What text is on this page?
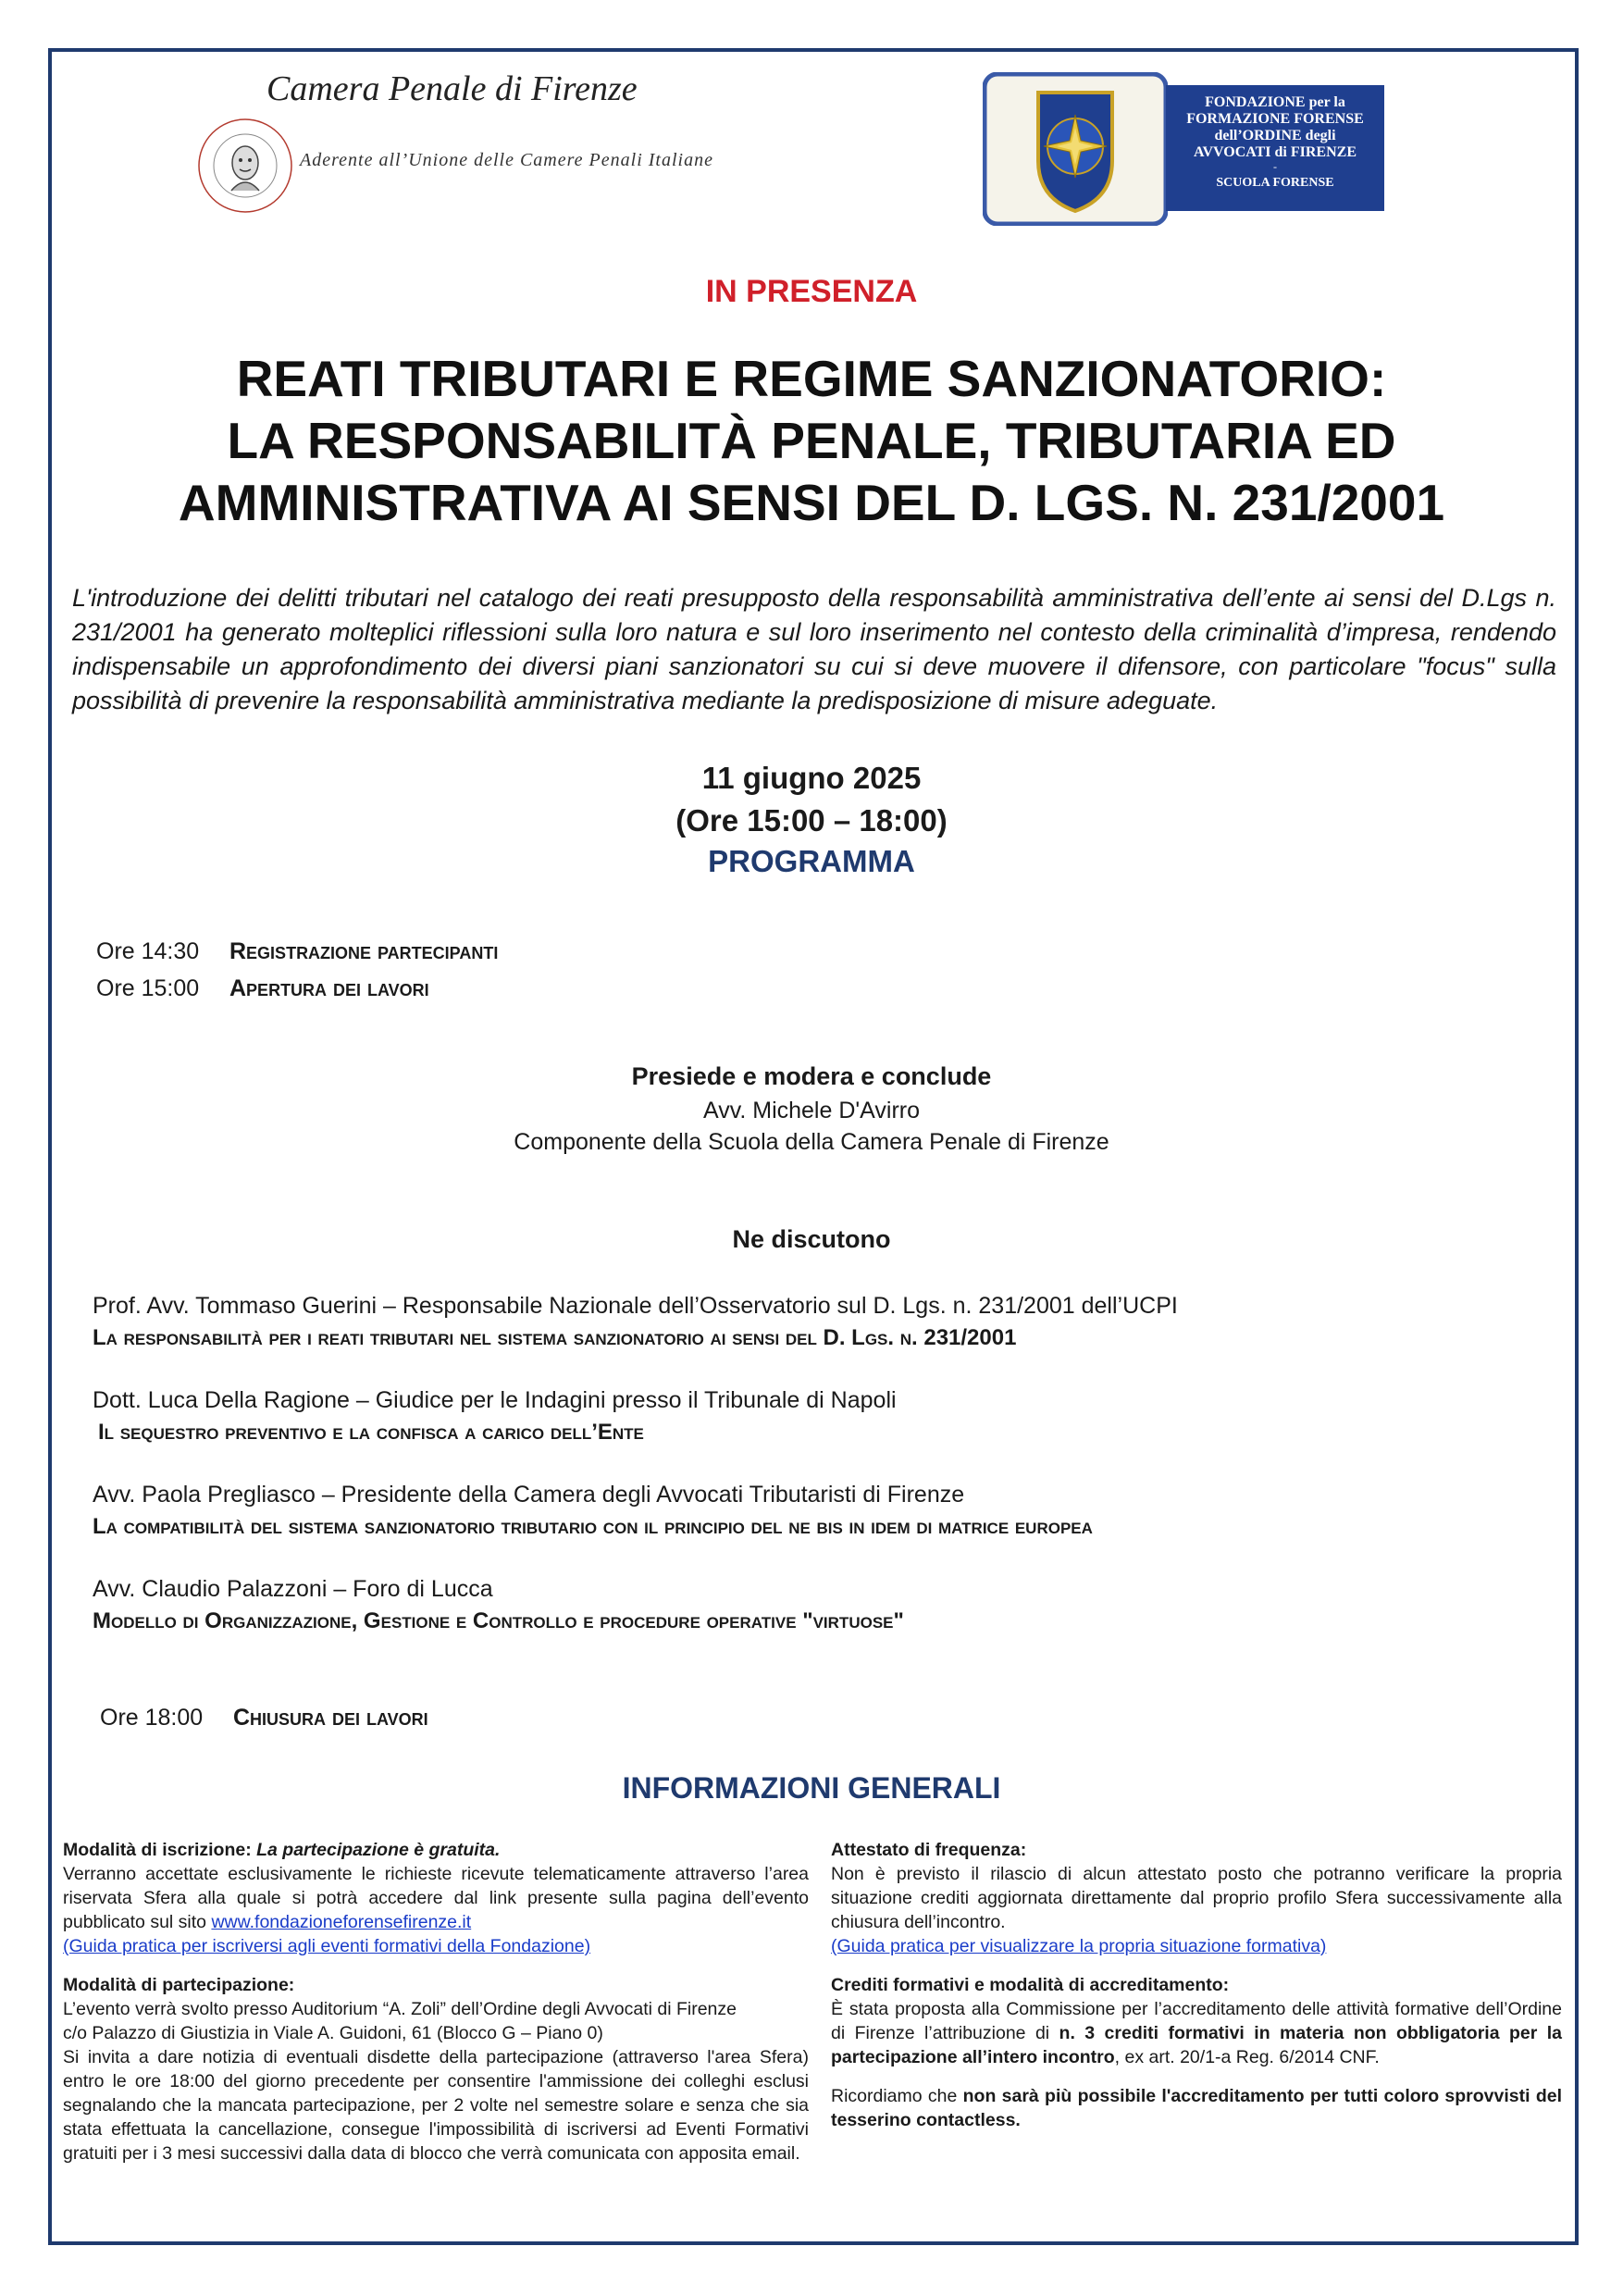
Camera Penale di Firenze
Aderente all’Unione delle Camere Penali Italiane
FONDAZIONE per la
FORMAZIONE FORENSE
dell’ORDINE degli
AVVOCATI di FIRENZE
-
SCUOLA FORENSE
IN PRESENZA
REATI TRIBUTARI E REGIME SANZIONATORIO:
LA RESPONSABILITÀ PENALE, TRIBUTARIA ED
AMMINISTRATIVA AI SENSI DEL D. LGS. N. 231/2001
L'introduzione dei delitti tributari nel catalogo dei reati presupposto della responsabilità amministrativa dell’ente ai sensi del D.Lgs n. 231/2001 ha generato molteplici riflessioni sulla loro natura e sul loro inserimento nel contesto della criminalità d’impresa, rendendo indispensabile un approfondimento dei diversi piani sanzionatori su cui si deve muovere il difensore, con particolare "focus" sulla possibilità di prevenire la responsabilità amministrativa mediante la predisposizione di misure adeguate.
11 giugno 2025
(Ore 15:00 – 18:00)
PROGRAMMA
Ore 14:30 Registrazione partecipanti
Ore 15:00 Apertura dei lavori
Presiede e modera e conclude
Avv. Michele D'Avirro
Componente della Scuola della Camera Penale di Firenze
Ne discutono
Prof. Avv. Tommaso Guerini – Responsabile Nazionale dell’Osservatorio sul D. Lgs. n. 231/2001 dell’UCPI
La responsabilità per i reati tributari nel sistema sanzionatorio ai sensi del D. Lgs. n. 231/2001
Dott. Luca Della Ragione – Giudice per le Indagini presso il Tribunale di Napoli
Il sequestro preventivo e la confisca a carico dell’Ente
Avv. Paola Pregliasco – Presidente della Camera degli Avvocati Tributaristi di Firenze
La compatibilità del sistema sanzionatorio tributario con il principio del ne bis in idem di matrice europea
Avv. Claudio Palazzoni – Foro di Lucca
Modello di Organizzazione, Gestione e Controllo e procedure operative "virtuose"
Ore 18:00 Chiusura dei lavori
INFORMAZIONI GENERALI

Modalità di iscrizione: La partecipazione è gratuita.

Verranno accettate esclusivamente le richieste ricevute telematicamente attraverso l’area riservata Sfera alla quale si potrà accedere dal link presente sulla pagina dell’evento pubblicato sul sito www.fondazioneforensefirenze.it

(Guida pratica per iscriversi agli eventi formativi della Fondazione)

Modalità di partecipazione:

L’evento verrà svolto presso Auditorium “A. Zoli” dell’Ordine degli Avvocati di Firenze

c/o Palazzo di Giustizia in Viale A. Guidoni, 61 (Blocco G – Piano 0)

Si invita a dare notizia di eventuali disdette della partecipazione (attraverso l'area Sfera) entro le ore 18:00 del giorno precedente per consentire l'ammissione dei colleghi esclusi segnalando che la mancata partecipazione, per 2 volte nel semestre solare e senza che sia stata effettuata la cancellazione, consegue l'impossibilità di iscriversi ad Eventi Formativi gratuiti per i 3 mesi successivi dalla data di blocco che verrà comunicata con apposita email.

Attestato di frequenza:

Non è previsto il rilascio di alcun attestato posto che potranno verificare la propria situazione crediti aggiornata direttamente dal proprio profilo Sfera successivamente alla chiusura dell’incontro.

(Guida pratica per visualizzare la propria situazione formativa)

Crediti formativi e modalità di accreditamento:

È stata proposta alla Commissione per l’accreditamento delle attività formative dell’Ordine di Firenze l’attribuzione di n. 3 crediti formativi in materia non obbligatoria per la partecipazione all’intero incontro, ex art. 20/1-a Reg. 6/2014 CNF.

Ricordiamo che non sarà più possibile l'accreditamento per tutti coloro sprovvisti del tesserino contactless.
